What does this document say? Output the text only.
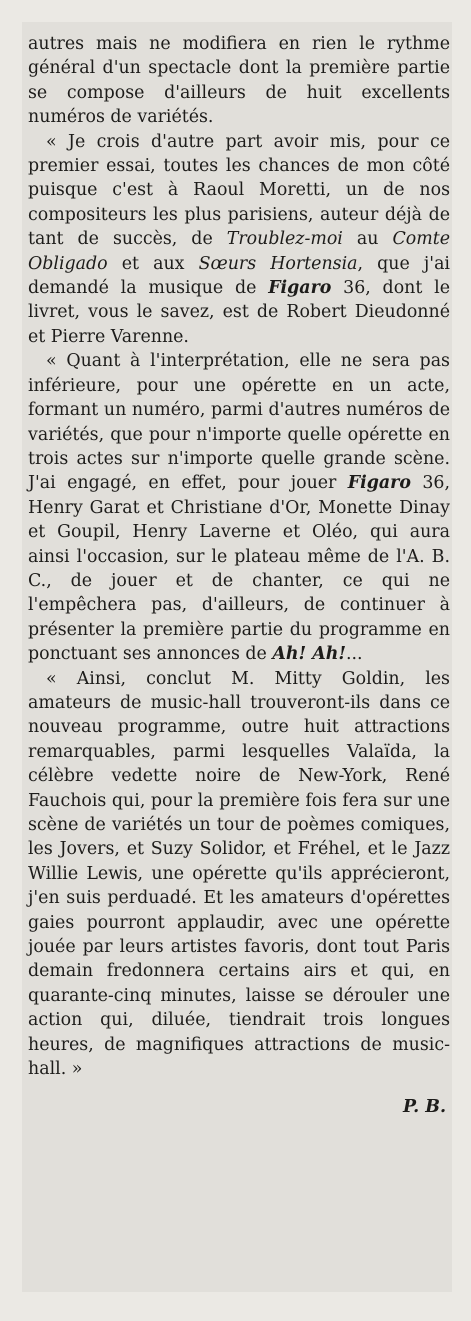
autres mais ne modifiera en rien le rythme général d'un spectacle dont la première partie se compose d'ailleurs de huit excellents numéros de variétés.

« Je crois d'autre part avoir mis, pour ce premier essai, toutes les chances de mon côté puisque c'est à Raoul Moretti, un de nos compositeurs les plus parisiens, auteur déjà de tant de succès, de Troublez-moi au Comte Obligado et aux Sœurs Hortensia, que j'ai demandé la musique de Figaro 36, dont le livret, vous le savez, est de Robert Dieudonné et Pierre Varenne.

« Quant à l'interprétation, elle ne sera pas inférieure, pour une opérette en un acte, formant un numéro, parmi d'autres numéros de variétés, que pour n'importe quelle opérette en trois actes sur n'importe quelle grande scène. J'ai engagé, en effet, pour jouer Figaro 36, Henry Garat et Christiane d'Or, Monette Dinay et Goupil, Henry Laverne et Oléo, qui aura ainsi l'occasion, sur le plateau même de l'A. B. C., de jouer et de chanter, ce qui ne l'empêchera pas, d'ailleurs, de continuer à présenter la première partie du programme en ponctuant ses annonces de Ah! Ah!...

« Ainsi, conclut M. Mitty Goldin, les amateurs de music-hall trouveront-ils dans ce nouveau programme, outre huit attractions remarquables, parmi lesquelles Valaïda, la célèbre vedette noire de New-York, René Fauchois qui, pour la première fois fera sur une scène de variétés un tour de poèmes comiques, les Jovers, et Suzy Solidor, et Fréhel, et le Jazz Willie Lewis, une opérette qu'ils apprécieront, j'en suis perduadé. Et les amateurs d'opérettes gaies pourront applaudir, avec une opérette jouée par leurs artistes favoris, dont tout Paris demain fredonnera certains airs et qui, en quarante-cinq minutes, laisse se dérouler une action qui, diluée, tiendrait trois longues heures, de magnifiques attractions de music-hall. »

P. B.
